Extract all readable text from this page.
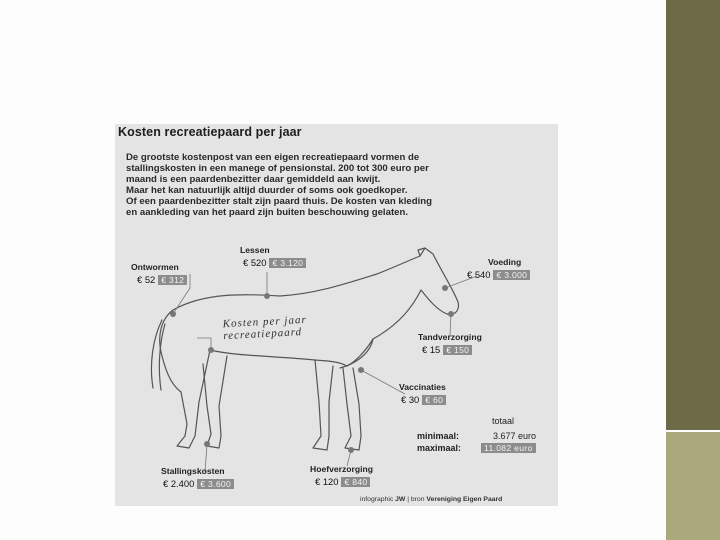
Kosten recreatiepaard per jaar
De grootste kostenpost van een eigen recreatiepaard vormen de
stallingskosten in een manege of pensionstal. 200 tot 300 euro per
maand is een paardenbezitter daar gemiddeld aan kwijt.
Maar het kan natuurlijk altijd duurder of soms ook goedkoper.
Of een paardenbezitter stalt zijn paard thuis. De kosten van kleding
en aankleding van het paard zijn buiten beschouwing gelaten.
Kosten per jaar
recreatiepaard
Lessen
€ 520 € 3.120
Ontwormen
€ 52 € 312
Voeding
€ 540 € 3.000
Tandverzorging
€ 15 € 150
Vaccinaties
€ 30 € 60
Stallingskosten
€ 2.400 € 3.600
Hoefverzorging
€ 120 € 840
totaal
minimaal:	3.677 euro
maximaal:	11.082 euro
infographic JW | bron Vereniging Eigen Paard
